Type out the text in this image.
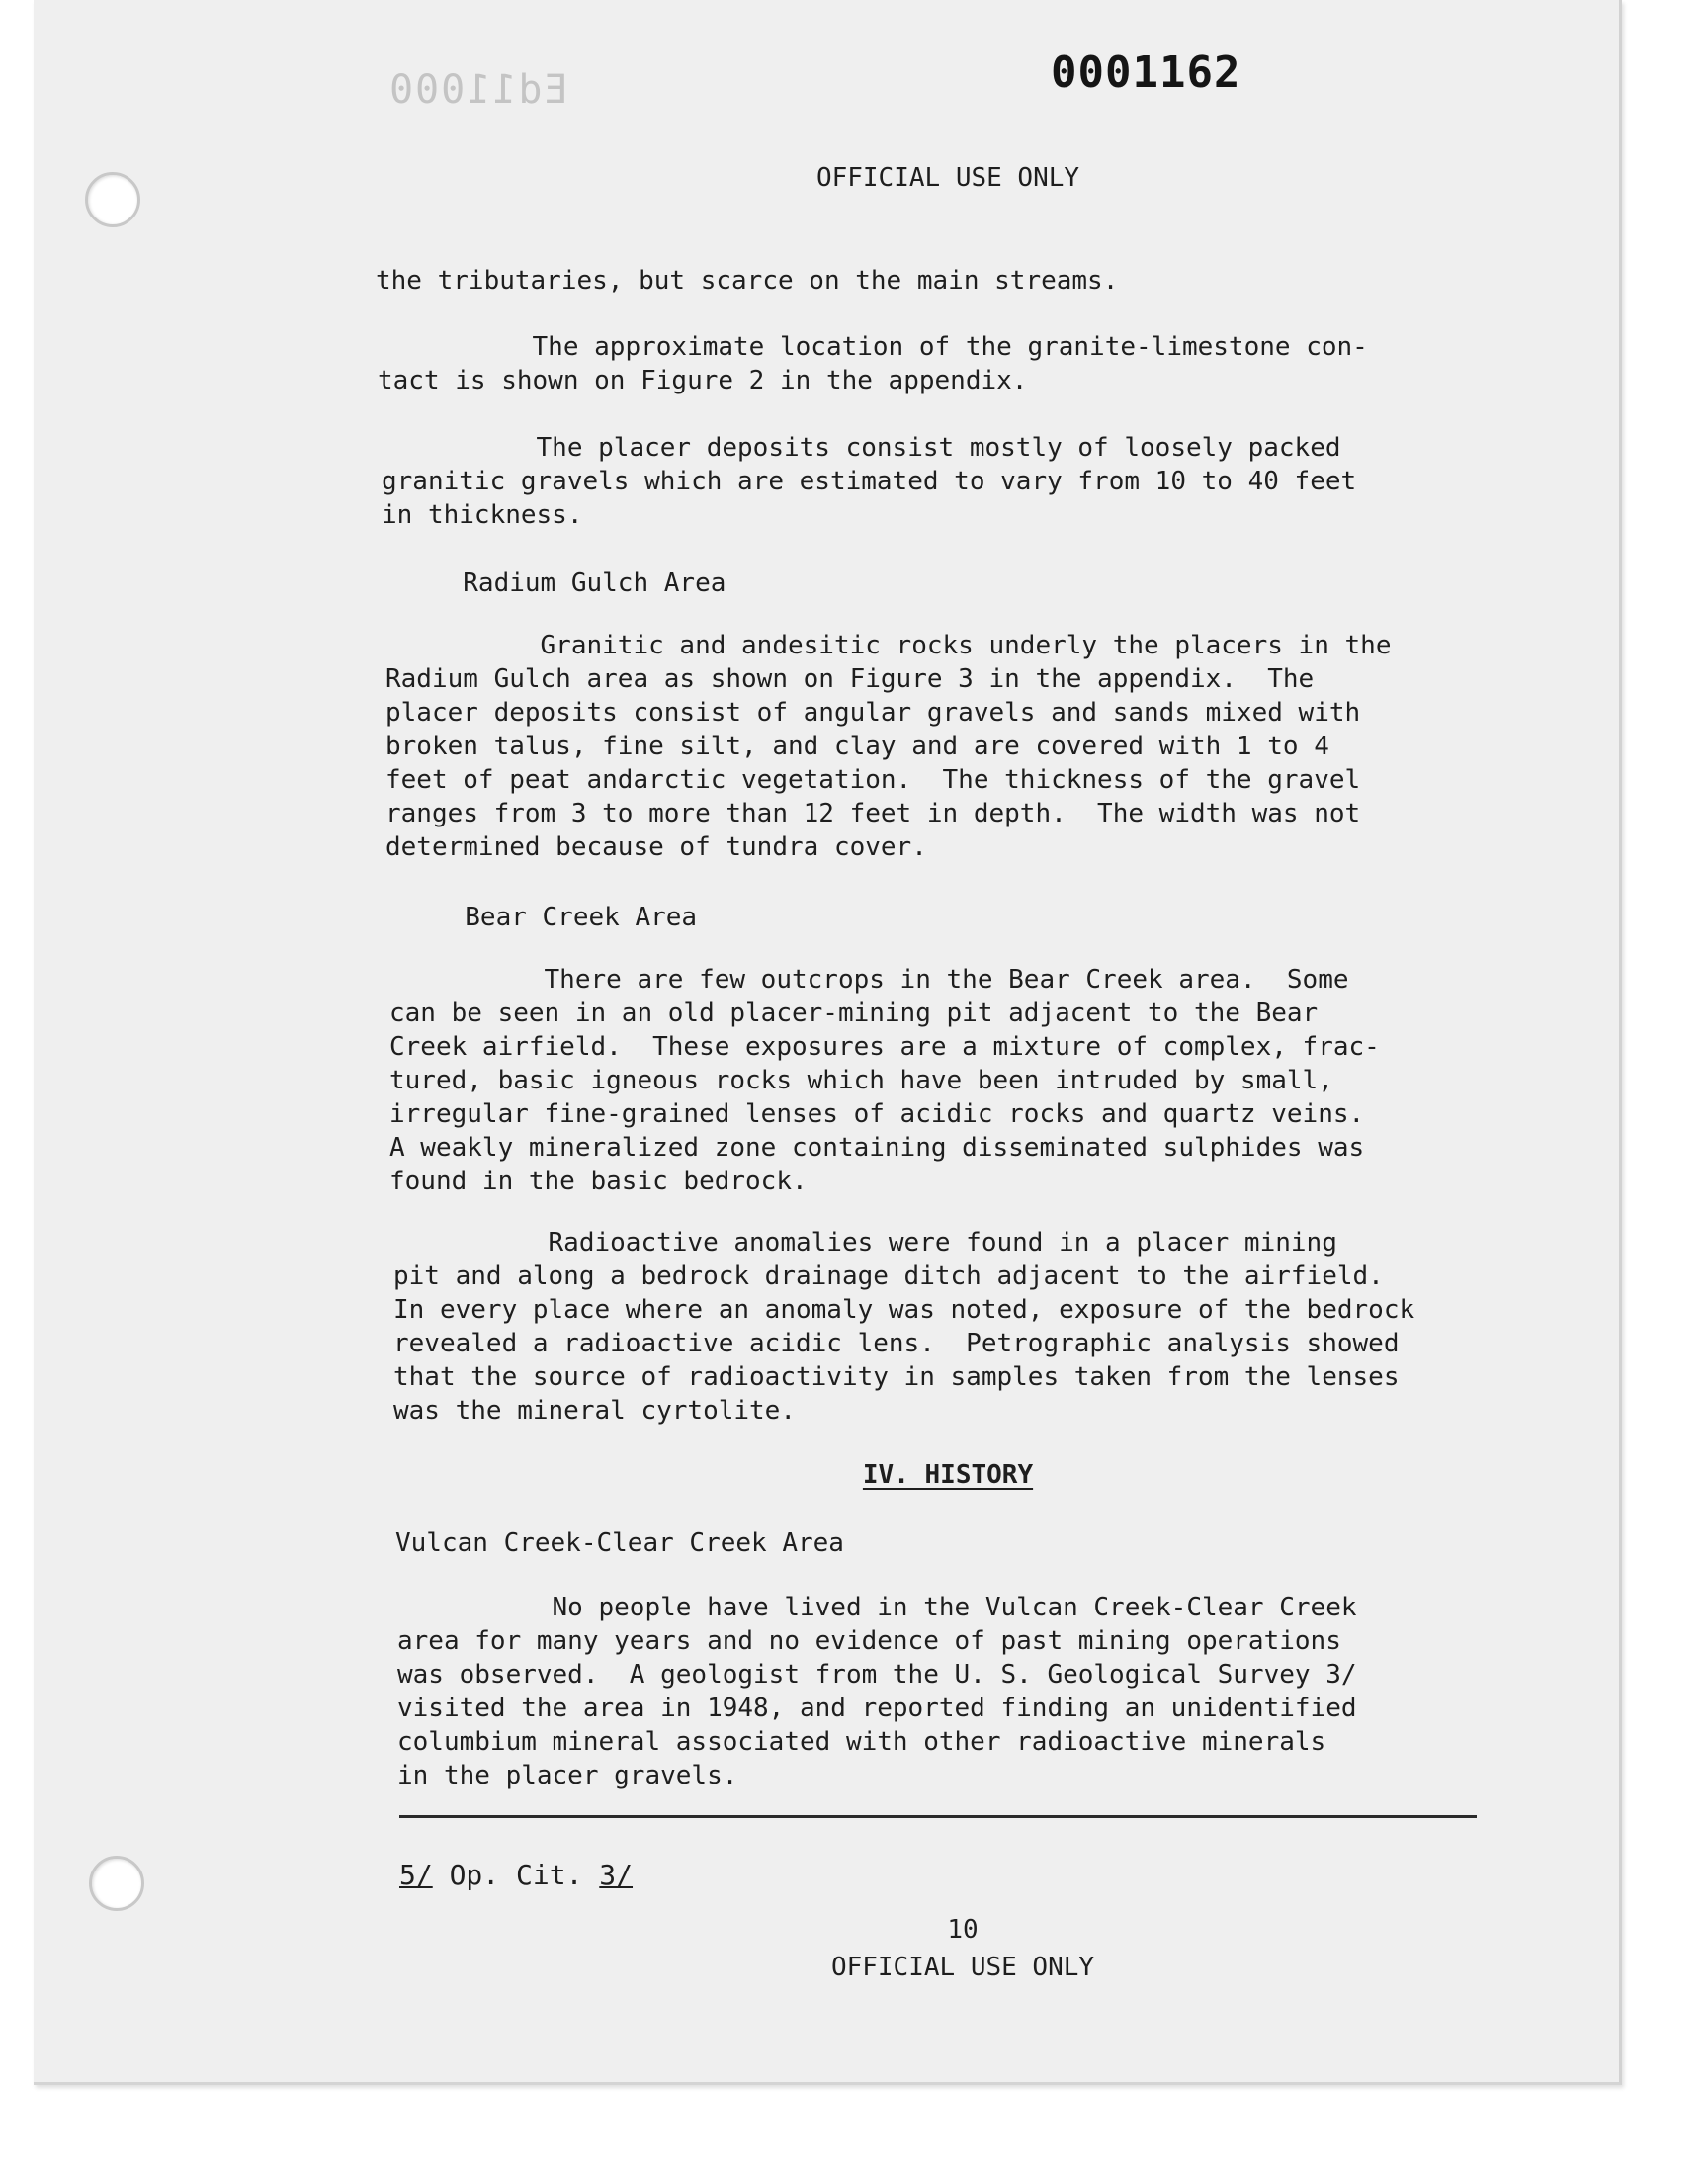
Ed11000	0001162
OFFICIAL USE ONLY
the tributaries, but scarce on the main streams.
The approximate location of the granite-limestone con-
tact is shown on Figure 2 in the appendix.
The placer deposits consist mostly of loosely packed
granitic gravels which are estimated to vary from 10 to 40 feet
in thickness.
Radium Gulch Area
Granitic and andesitic rocks underly the placers in the
Radium Gulch area as shown on Figure 3 in the appendix.  The
placer deposits consist of angular gravels and sands mixed with
broken talus, fine silt, and clay and are covered with 1 to 4
feet of peat andarctic vegetation.  The thickness of the gravel
ranges from 3 to more than 12 feet in depth.  The width was not
determined because of tundra cover.
Bear Creek Area
There are few outcrops in the Bear Creek area.  Some
can be seen in an old placer-mining pit adjacent to the Bear
Creek airfield.  These exposures are a mixture of complex, frac-
tured, basic igneous rocks which have been intruded by small,
irregular fine-grained lenses of acidic rocks and quartz veins.
A weakly mineralized zone containing disseminated sulphides was
found in the basic bedrock.
Radioactive anomalies were found in a placer mining
pit and along a bedrock drainage ditch adjacent to the airfield.
In every place where an anomaly was noted, exposure of the bedrock
revealed a radioactive acidic lens.  Petrographic analysis showed
that the source of radioactivity in samples taken from the lenses
was the mineral cyrtolite.
IV. HISTORY
Vulcan Creek-Clear Creek Area
No people have lived in the Vulcan Creek-Clear Creek
area for many years and no evidence of past mining operations
was observed.  A geologist from the U. S. Geological Survey 3/
visited the area in 1948, and reported finding an unidentified
columbium mineral associated with other radioactive minerals
in the placer gravels.
5/ Op. Cit. 3/
10
OFFICIAL USE ONLY
